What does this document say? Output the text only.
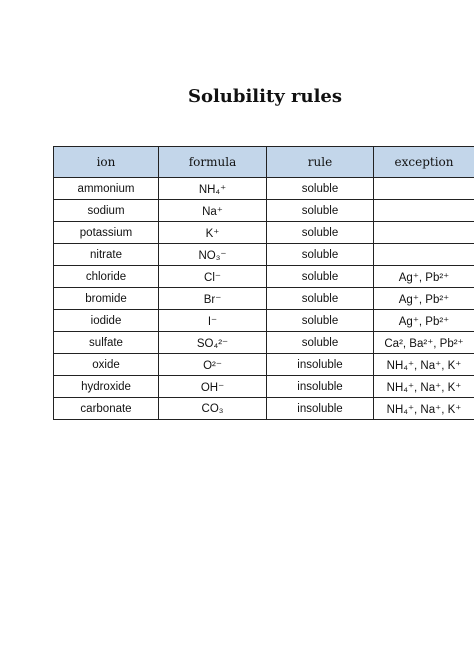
Solubility rules
ion	formula	rule	exception
ammonium	NH₄⁺	soluble	
sodium	Na⁺	soluble	
potassium	K⁺	soluble	
nitrate	NO₃⁻	soluble	
chloride	Cl⁻	soluble	Ag⁺, Pb²⁺
bromide	Br⁻	soluble	Ag⁺, Pb²⁺
iodide	I⁻	soluble	Ag⁺, Pb²⁺
sulfate	SO₄²⁻	soluble	Ca², Ba²⁺, Pb²⁺
oxide	O²⁻	insoluble	NH₄⁺, Na⁺, K⁺
hydroxide	OH⁻	insoluble	NH₄⁺, Na⁺, K⁺
carbonate	CO₃	insoluble	NH₄⁺, Na⁺, K⁺
